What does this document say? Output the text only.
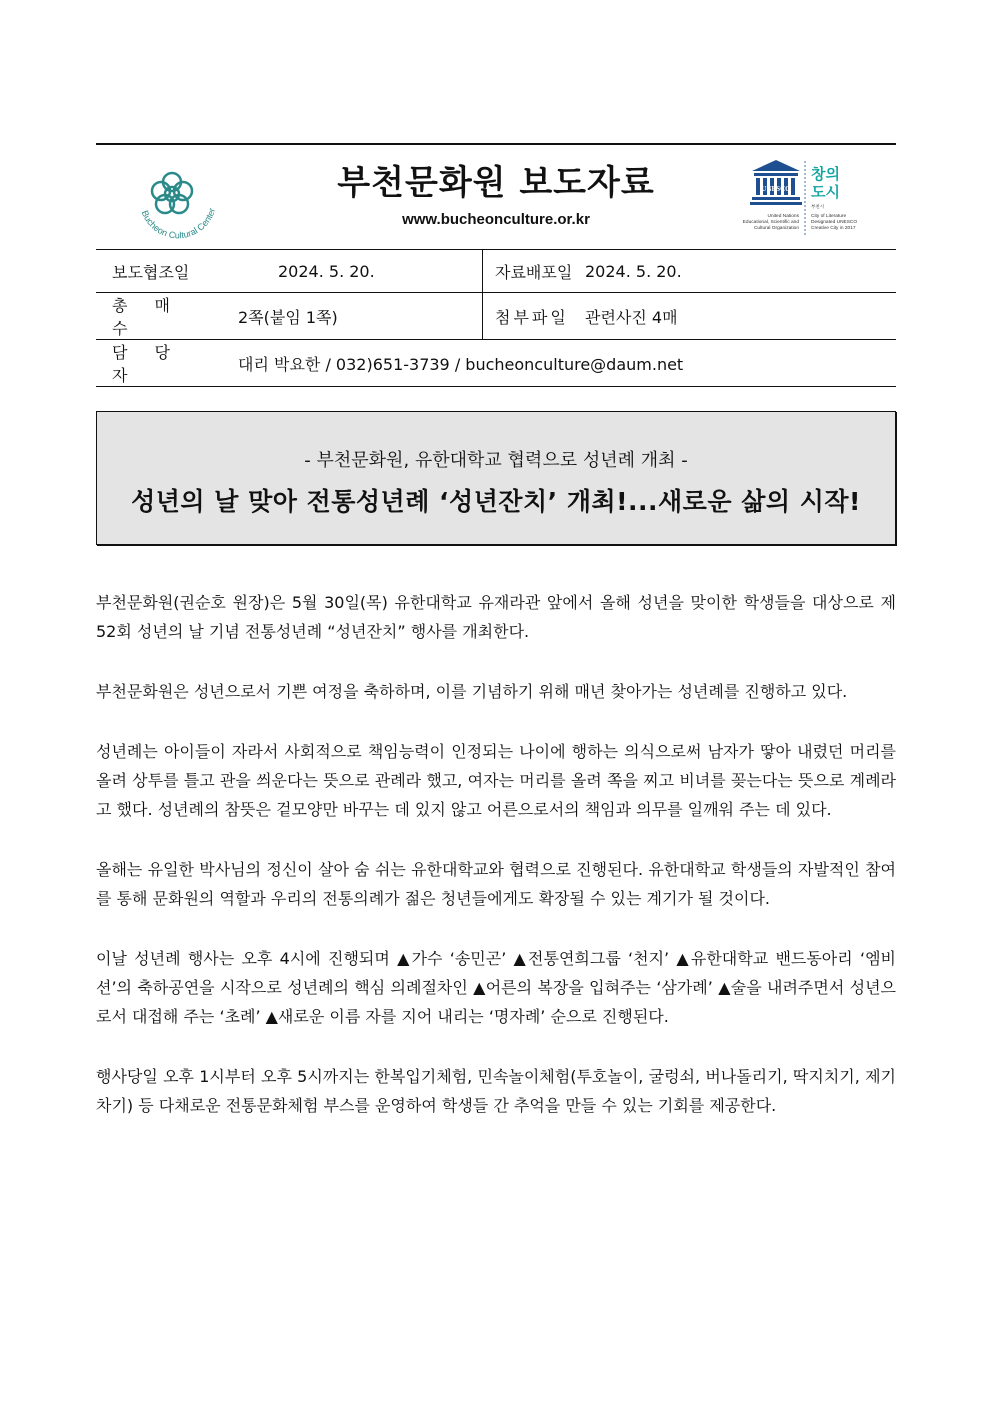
Bucheon Cultural Center
부천문화원 보도자료
www.bucheonculture.or.kr
UNESCO
창의
도시
부천시
United Nations
Educational, Scientific and
Cultural Organization
City of Literature
Designated UNESCO
Creative City in 2017
보도협조일	2024. 5. 20.	자료배포일	2024. 5. 20.
총 매 수	2쪽(붙임 1쪽)	첨부파일	관련사진 4매
담 당 자	대리 박요한 / 032)651-3739 / bucheonculture@daum.net		
- 부천문화원, 유한대학교 협력으로 성년례 개최 -
성년의 날 맞아 전통성년례 ‘성년잔치’ 개최!...새로운 삶의 시작!

부천문화원(권순호 원장)은 5월 30일(목) 유한대학교 유재라관 앞에서 올해 성년을 맞이한 학생들을 대상으로 제52회 성년의 날 기념 전통성년례 “성년잔치” 행사를 개최한다.

부천문화원은 성년으로서 기쁜 여정을 축하하며, 이를 기념하기 위해 매년 찾아가는 성년례를 진행하고 있다.

성년례는 아이들이 자라서 사회적으로 책임능력이 인정되는 나이에 행하는 의식으로써 남자가 땋아 내렸던 머리를 올려 상투를 틀고 관을 씌운다는 뜻으로 관례라 했고, 여자는 머리를 올려 쪽을 찌고 비녀를 꽂는다는 뜻으로 계례라고 했다. 성년례의 참뜻은 겉모양만 바꾸는 데 있지 않고 어른으로서의 책임과 의무를 일깨워 주는 데 있다.

올해는 유일한 박사님의 정신이 살아 숨 쉬는 유한대학교와 협력으로 진행된다. 유한대학교 학생들의 자발적인 참여를 통해 문화원의 역할과 우리의 전통의례가 젊은 청년들에게도 확장될 수 있는 계기가 될 것이다.

이날 성년례 행사는 오후 4시에 진행되며 ▲가수 ‘송민곤’ ▲전통연희그룹 ‘천지’ ▲유한대학교 밴드동아리 ‘엠비션’의 축하공연을 시작으로 성년례의 핵심 의례절차인 ▲어른의 복장을 입혀주는 ‘삼가례’ ▲술을 내려주면서 성년으로서 대접해 주는 ‘초례’ ▲새로운 이름 자를 지어 내리는 ‘명자례’ 순으로 진행된다.

행사당일 오후 1시부터 오후 5시까지는 한복입기체험, 민속놀이체험(투호놀이, 굴렁쇠, 버나돌리기, 딱지치기, 제기차기) 등 다채로운 전통문화체험 부스를 운영하여 학생들 간 추억을 만들 수 있는 기회를 제공한다.
